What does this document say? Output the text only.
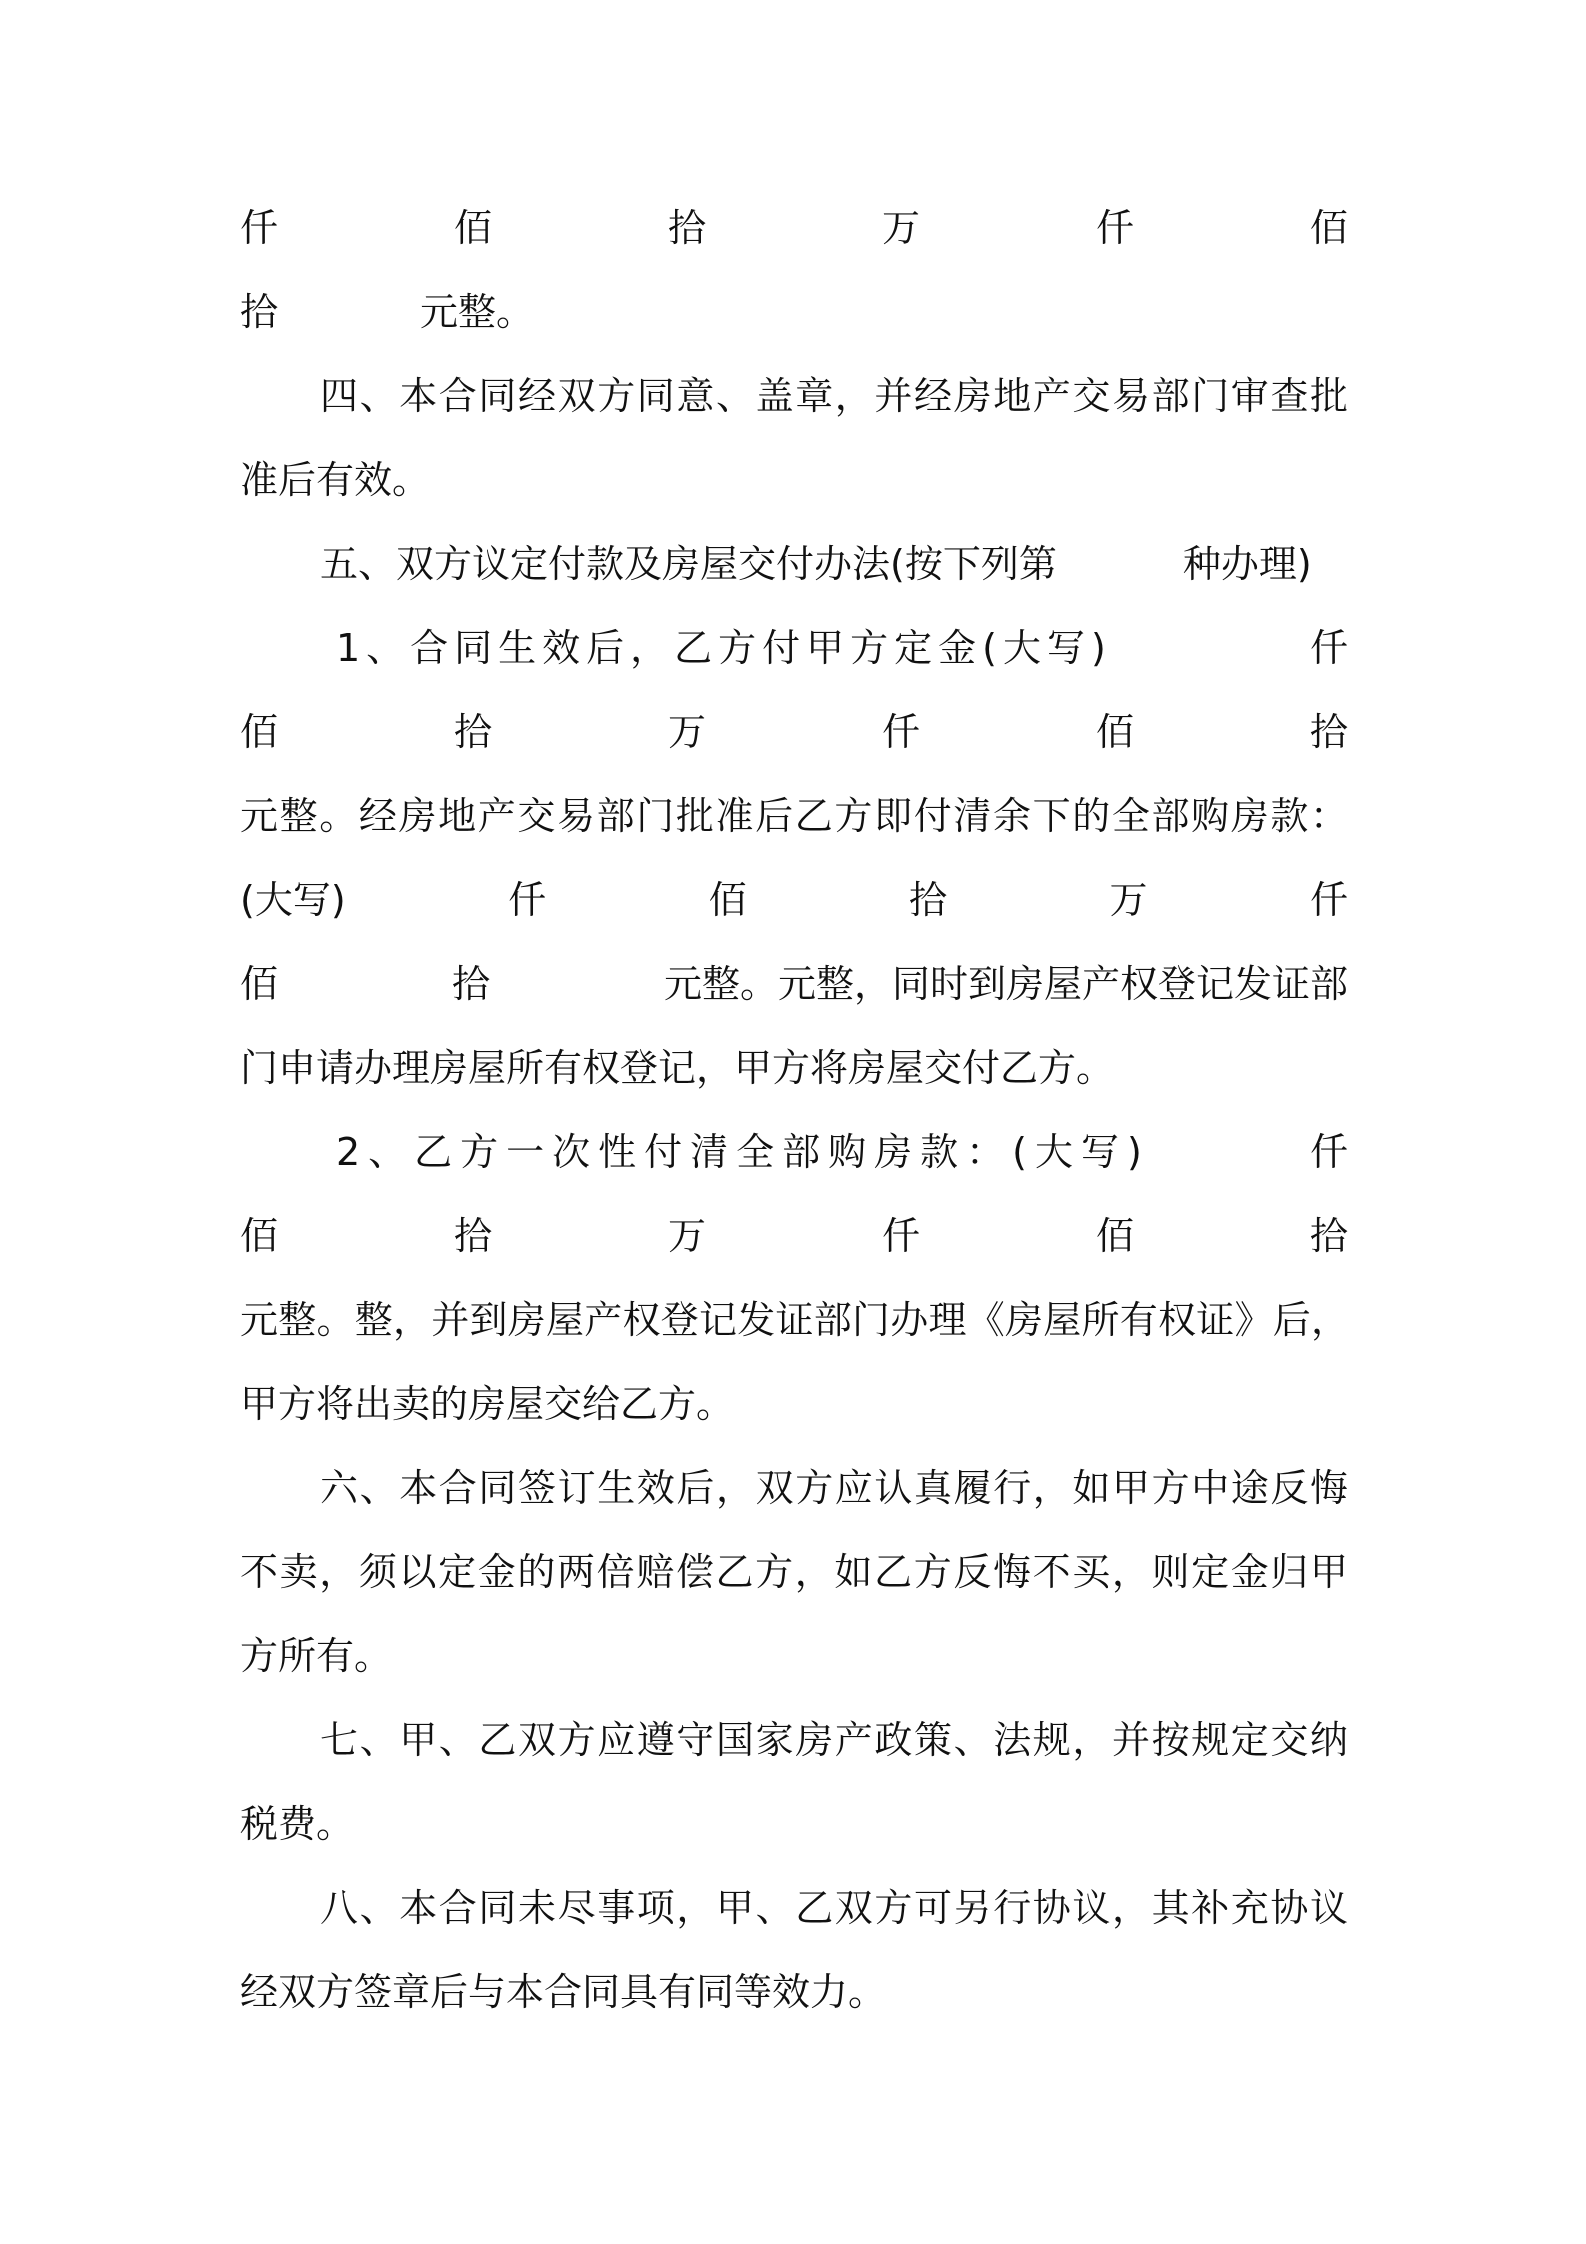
仟	佰	拾	万	仟	佰
拾	元整。
四、本合同经双方同意、盖章，并经房地产交易部门审查批
准后有效。
五、双方议定付款及房屋交付办法(按下列第	种办理)
1、合同生效后，乙方付甲方定金(大写)	仟
佰	拾	万	仟	佰	拾
元整。经房地产交易部门批准后乙方即付清余下的全部购房款：
(大写)	仟	佰	拾	万	仟
佰	拾	元整。元整，同时到房屋产权登记发证部
门申请办理房屋所有权登记，甲方将房屋交付乙方。
2、乙方一次性付清全部购房款：(大写)	仟
佰	拾	万	仟	佰	拾
元整。整，并到房屋产权登记发证部门办理《房屋所有权证》后，
甲方将出卖的房屋交给乙方。
六、本合同签订生效后，双方应认真履行，如甲方中途反悔
不卖，须以定金的两倍赔偿乙方，如乙方反悔不买，则定金归甲
方所有。
七、甲、乙双方应遵守国家房产政策、法规，并按规定交纳
税费。
八、本合同未尽事项，甲、乙双方可另行协议，其补充协议
经双方签章后与本合同具有同等效力。
